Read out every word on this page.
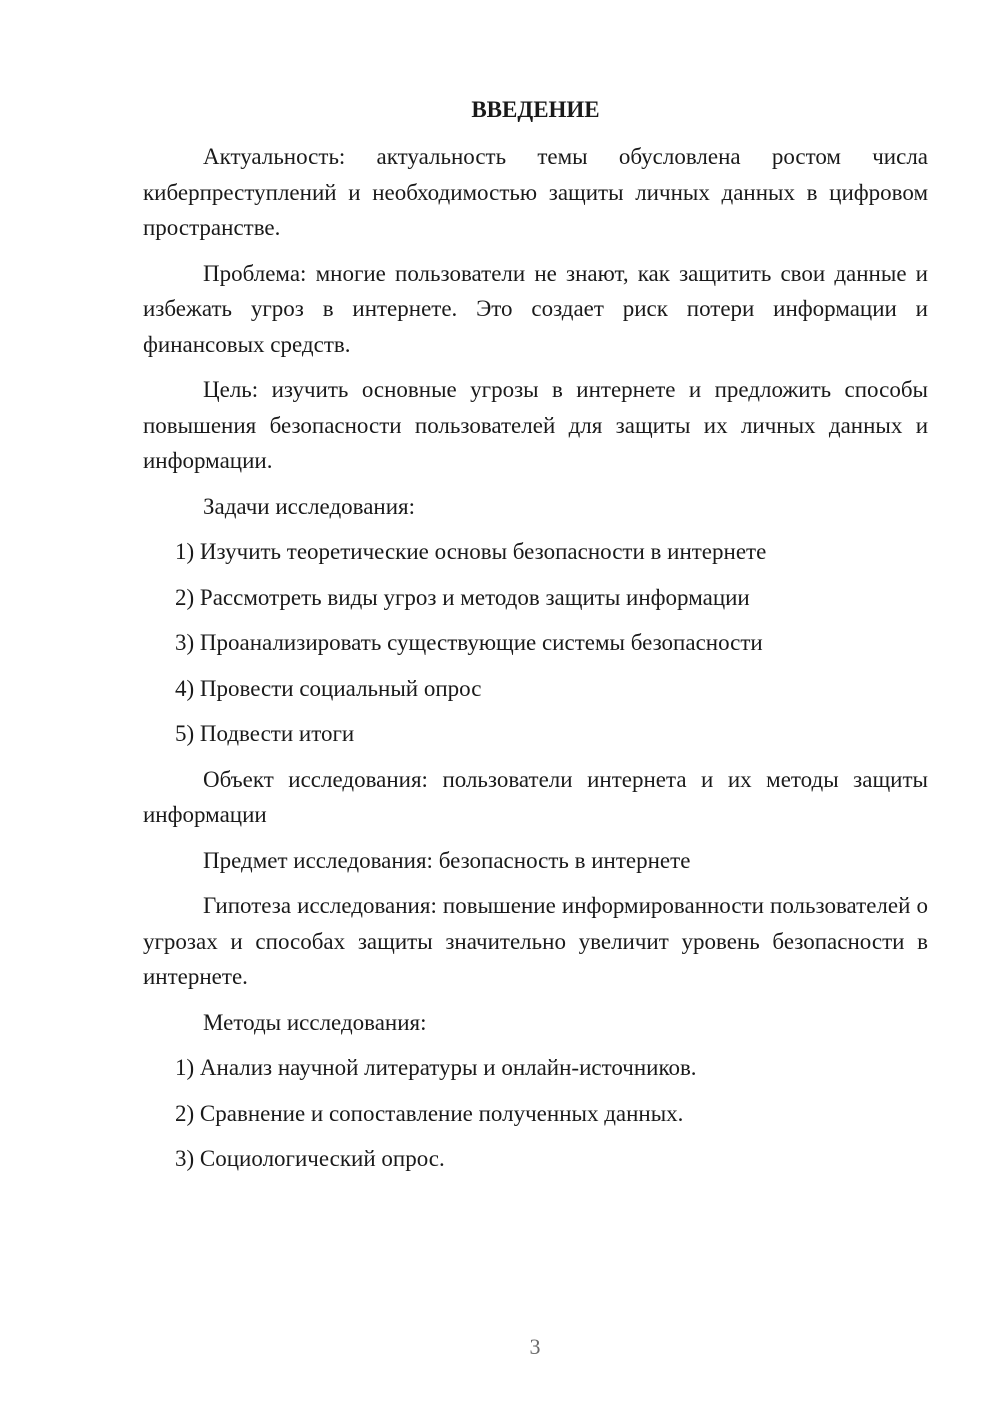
ВВЕДЕНИЕ

Актуальность: актуальность темы обусловлена ростом числа киберпреступлений и необходимостью защиты личных данных в цифровом пространстве.

Проблема: многие пользователи не знают, как защитить свои данные и избежать угроз в интернете. Это создает риск потери информации и финансовых средств.

Цель: изучить основные угрозы в интернете и предложить способы повышения безопасности пользователей для защиты их личных данных и информации.

Задачи исследования:

1) Изучить теоретические основы безопасности в интернете
2) Рассмотреть виды угроз и методов защиты информации
3) Проанализировать существующие системы безопасности
4) Провести социальный опрос
5) Подвести итоги

Объект исследования: пользователи интернета и их методы защиты информации

Предмет исследования: безопасность в интернете

Гипотеза исследования: повышение информированности пользователей о угрозах и способах защиты значительно увеличит уровень безопасности в интернете.

Методы исследования:

1) Анализ научной литературы и онлайн-источников.
2) Сравнение и сопоставление полученных данных.
3) Социологический опрос.
3
